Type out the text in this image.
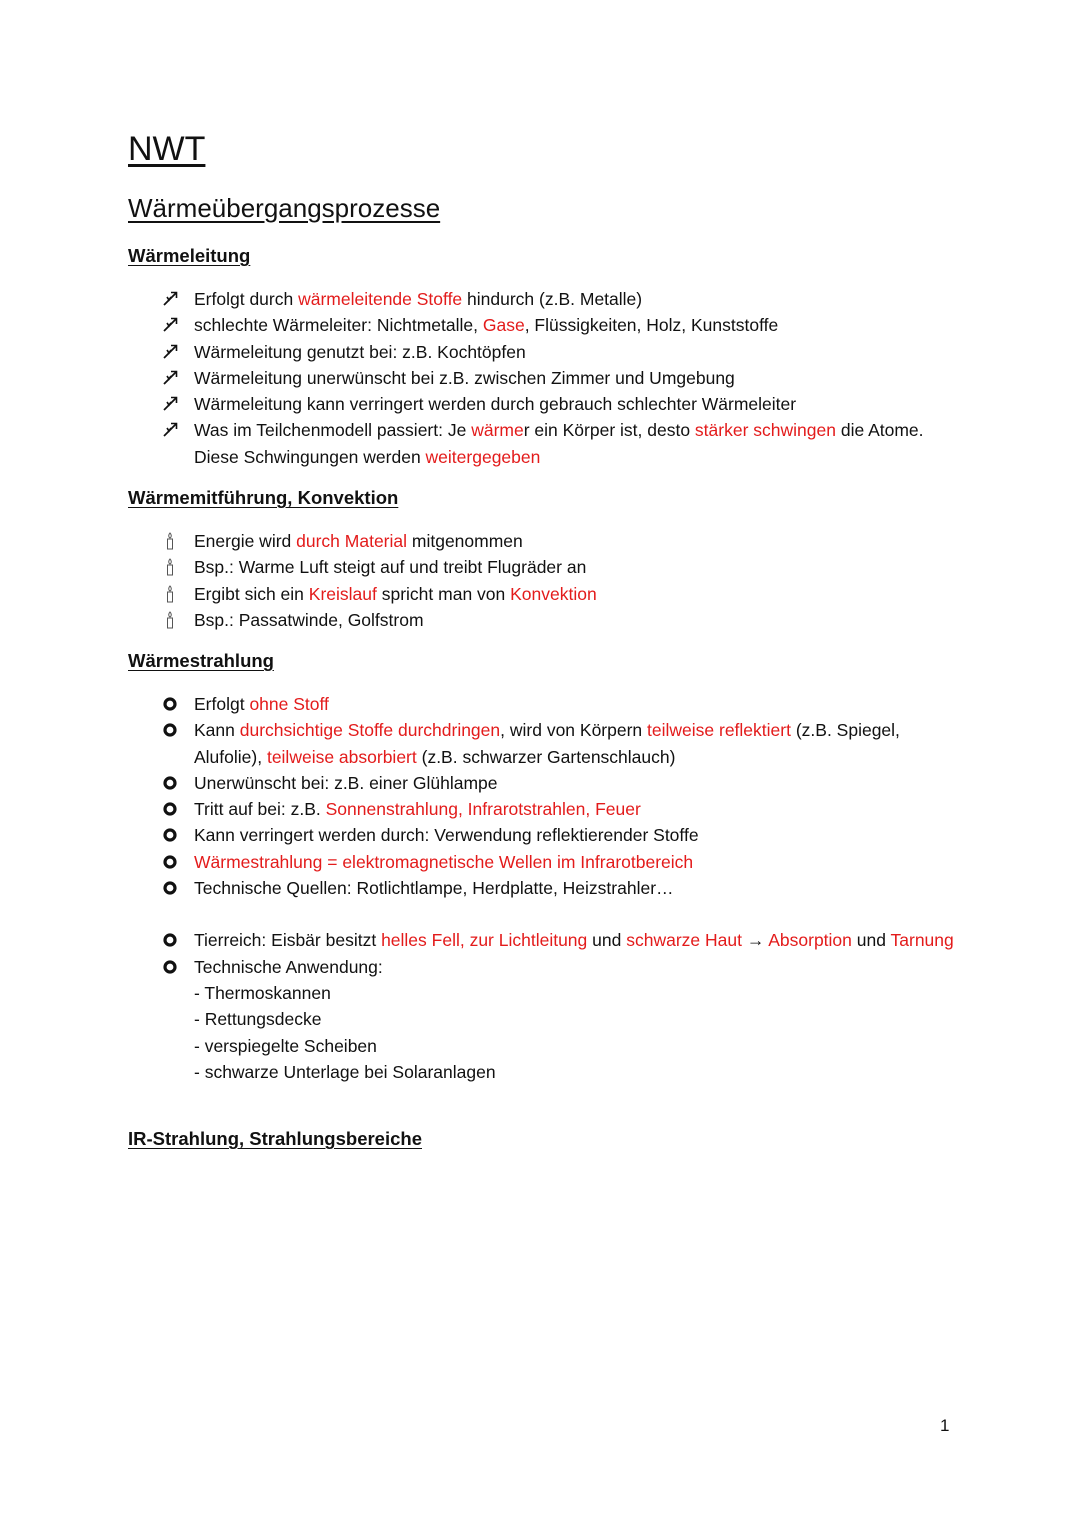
NWT
Wärmeübergangsprozesse
Wärmeleitung
Erfolgt durch wärmeleitende Stoffe hindurch (z.B. Metalle)
schlechte Wärmeleiter: Nichtmetalle, Gase, Flüssigkeiten, Holz, Kunststoffe
Wärmeleitung genutzt bei: z.B. Kochtöpfen
Wärmeleitung unerwünscht bei z.B. zwischen Zimmer und Umgebung
Wärmeleitung kann verringert werden durch gebrauch schlechter Wärmeleiter
Was im Teilchenmodell passiert: Je wärmer ein Körper ist, desto stärker schwingen die Atome. Diese Schwingungen werden weitergegeben
Wärmemitführung, Konvektion
Energie wird durch Material mitgenommen
Bsp.: Warme Luft steigt auf und treibt Flugräder an
Ergibt sich ein Kreislauf spricht man von Konvektion
Bsp.: Passatwinde, Golfstrom
Wärmestrahlung
Erfolgt ohne Stoff
Kann durchsichtige Stoffe durchdringen, wird von Körpern teilweise reflektiert (z.B. Spiegel, Alufolie), teilweise absorbiert (z.B. schwarzer Gartenschlauch)
Unerwünscht bei: z.B. einer Glühlampe
Tritt auf bei: z.B. Sonnenstrahlung, Infrarotstrahlen, Feuer
Kann verringert werden durch: Verwendung reflektierender Stoffe
Wärmestrahlung = elektromagnetische Wellen im Infrarotbereich
Technische Quellen: Rotlichtlampe, Herdplatte, Heizstrahler…
Tierreich: Eisbär besitzt helles Fell, zur Lichtleitung und schwarze Haut → Absorption und Tarnung
Technische Anwendung:
- Thermoskannen
- Rettungsdecke
- verspiegelte Scheiben
- schwarze Unterlage bei Solaranlagen
IR-Strahlung, Strahlungsbereiche
1
